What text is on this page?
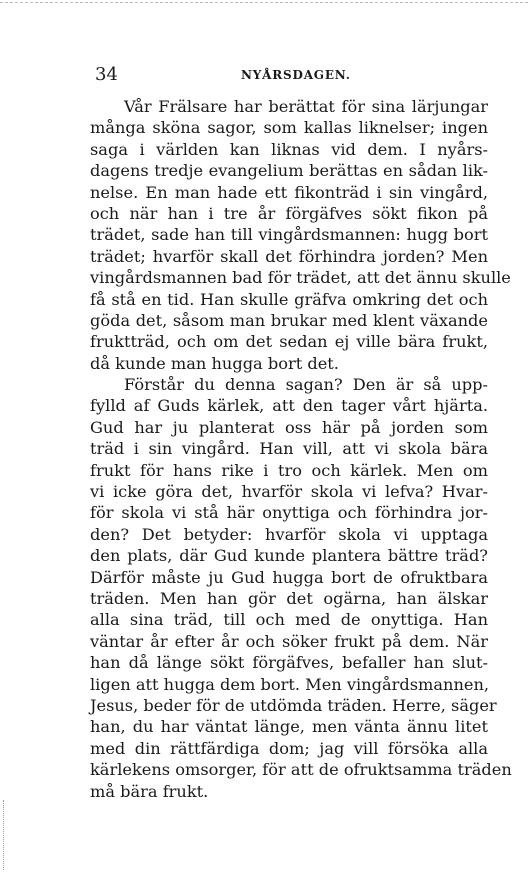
34	NYÅRSDAGEN.
Vår Frälsare har berättat för sina lärjungar
många sköna sagor, som kallas liknelser; ingen
saga i världen kan liknas vid dem. I nyårs-
dagens tredje evangelium berättas en sådan lik-
nelse. En man hade ett fikonträd i sin vingård,
och när han i tre år förgäfves sökt fikon på
trädet, sade han till vingårdsmannen: hugg bort
trädet; hvarför skall det förhindra jorden? Men
vingårdsmannen bad för trädet, att det ännu skulle
få stå en tid. Han skulle gräfva omkring det och
göda det, såsom man brukar med klent växande
fruktträd, och om det sedan ej ville bära frukt,
då kunde man hugga bort det.
Förstår du denna sagan? Den är så upp-
fylld af Guds kärlek, att den tager vårt hjärta.
Gud har ju planterat oss här på jorden som
träd i sin vingård. Han vill, att vi skola bära
frukt för hans rike i tro och kärlek. Men om
vi icke göra det, hvarför skola vi lefva? Hvar-
för skola vi stå här onyttiga och förhindra jor-
den? Det betyder: hvarför skola vi upptaga
den plats, där Gud kunde plantera bättre träd?
Därför måste ju Gud hugga bort de ofruktbara
träden. Men han gör det ogärna, han älskar
alla sina träd, till och med de onyttiga. Han
väntar år efter år och söker frukt på dem. När
han då länge sökt förgäfves, befaller han slut-
ligen att hugga dem bort. Men vingårdsmannen,
Jesus, beder för de utdömda träden. Herre, säger
han, du har väntat länge, men vänta ännu litet
med din rättfärdiga dom; jag vill försöka alla
kärlekens omsorger, för att de ofruktsamma träden
må bära frukt.
